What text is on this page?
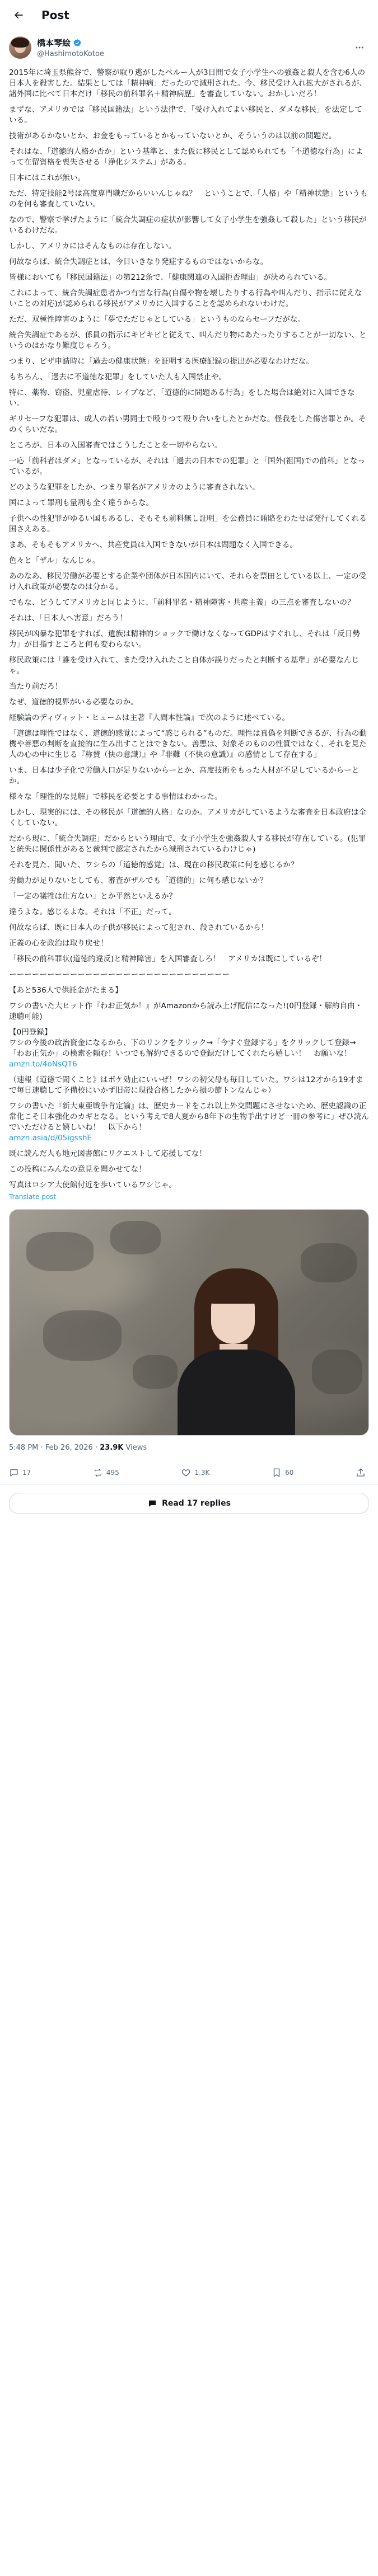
Post
橋本琴絵
@HashimotoKotoe

2015年に埼玉県熊谷で、警察が取り逃がしたペルー人が3日間で女子小学生への強姦と殺人を含む6人の日本人を殺害した。結果としては「精神病」だったので減刑された。今、移民受け入れ拡大がされるが、諸外国に比べて日本だけ「移民の前科罪名＋精神病歴」を審査していない。おかしいだろ！

まずな、アメリカでは「移民国籍法」という法律で、「受け入れてよい移民と、ダメな移民」を法定している。

技術があるかないとか、お金をもっているとかもっていないとか、そういうのは以前の問題だ。

それはな、「道徳的人格か否か」という基準と、また仮に移民として認められても「不道徳な行為」によって在留資格を喪失させる「浄化システム」がある。

日本にはこれが無い。

ただ、特定技能2号は高度専門職だからいいんじゃね？　ということで、「人格」や「精神状態」というものを何も審査していない。

なので、警察で挙げたように「統合失調症の症状が影響して女子小学生を強姦して殺した」という移民がいるわけだな。

しかし、アメリカにはそんなものは存在しない。

何故ならば、統合失調症とは、今日いきなり発症するものではないからな。

皆様においても「移民国籍法」の第212条で、「健康関連の入国拒否理由」が決められている。

これによって、統合失調症患者かつ有害な行為(自傷や物を壊したりする行為や叫んだり、指示に従えないことの対応)が認められる移民がアメリカに入国することを認められないわけだ。

ただ、双極性障害のように「夢でただじゃとしている」というものならセーフだがな。

統合失調症であるが、係員の指示にキビキビと従えて、叫んだり物にあたったりすることが一切ない、というのはかなり難度じゃろう。

つまり、ビザ申請時に「過去の健康状態」を証明する医療記録の提出が必要なわけだな。

もちろん、「過去に不道徳な犯罪」をしていた人も入国禁止や。

特に、薬物、窃盗、児童虐待、レイプなど、「道徳的に問題ある行為」をした場合は絶対に入国できない。

ギリセーフな犯罪は、成人の若い男同士で殴りつて殴り合いをしたとかだな。怪我をした傷害罪とか。そのくらいだな。

ところが、日本の入国審査ではこうしたことを一切やらない。

一応「前科者はダメ」となっているが、それは「過去の日本での犯罪」と「国外(祖国)での前科」となっているが。

どのような犯罪をしたか、つまり罪名がアメリカのように審査されない。

国によって罪刑も量刑も全く違うからな。

子供への性犯罪がゆるい国もあるし、そもそも前科無し証明」を公務員に賄賂をわたせば発行してくれる国さえある。

まあ、そもそもアメリカへ、共産党員は入国できないが日本は問題なく入国できる。

色々と「ザル」なんじゃ。

あのなあ、移民労働が必要とする企業や団体が日本国内にいて、それらを票田としている以上、一定の受け入れ政策が必要なのは分かる。

でもな、どうしてアメリカと同じように、「前科罪名・精神障害・共産主義」の三点を審査しないの？

それは、「日本人へ害意」だろう！

移民が凶暴な犯罪をすれば、遺族は精神的ショックで働けなくなってGDPはすぐれし、それは「反日勢力」が目指すところと何も変わらない。

移民政策には「誰を受け入れて、また受け入れたこと自体が誤りだったと判断する基準」が必要なんじゃ。

当たり前だろ！

なぜ、道徳的視界がいる必要なのか。

経験論のディヴィット・ヒュームは主著『人間本性論』で次のように述べている。

「道徳は理性ではなく、道徳的感覚によって“感じられる”ものだ。理性は真偽を判断できるが、行為の動機や善悪の判断を直接的に生み出すことはできない。善悪は、対象そのものの性質ではなく、それを見た人の心の中に生じる『称賛（快の意識）』や『非難（不快の意識）』の感情として存在する」

いま、日本は少子化で労働人口が足りないからーとか、高度技術をもった人材が不足しているからーとか。

様々な「理性的な見解」で移民を必要とする事情はわかった。

しかし、現実的には、その移民が「道徳的人格」なのか。アメリカがしているような審査を日本政府は全くしていない。

だから現に、「統合失調症」だからという理由で、女子小学生を強姦殺人する移民が存在している。(犯罪と統失に関係性があると裁判で認定されたから減刑されているわけじゃ)

それを見た、聞いた、ワシらの「道徳的感覚」は、現在の移民政策に何を感じるか？

労働力が足りないとしても、審査がザルでも「道徳的」に何も感じないか？

「一定の犠牲は仕方ない」とか平然といえるか？

違うよな。感じるよな。それは「不正」だって。

何故ならば、既に日本人の子供が移民によって犯され、殺されているから！

正義の心を政治は取り戻せ！

「移民の前科罪状(道徳的違反)と精神障害」を入国審査しろ！　アメリカは既にしているぞ！

ーーーーーーーーーーーーーーーーーーーーーーーーーーーーー

【あと536人で供託金がたまる】

ワシの書いた大ヒット作『わお正気か！』がAmazonから読み上げ配信になった!(0円登録・解約自由・速聴可能)

【0円登録】

ワシの今後の政治資金になるから、下のリンクをクリック→「今すぐ登録する」をクリックして登録→「わお正気か」の検索を頼む！いつでも解約できるので登録だけしてくれたら嬉しい！　お願いな！

amzn.to/4oNsQT6

（速報《道徳で聞くこと》はポケ効止にいいぜ！ワシの初父母も毎日していた。ワシは12才から19才まで毎日速聴して予備校にいかず旧帝に現役合格したから損の節トンなんじゃ）

ワシの書いた『新大東亜戦争肯定論』は、歴史カードをこれ以上外交問題にさせないため、歴史認識の正常化こそ日本強化のカギとなる。という考えで8人夏から8年下の生物手出すけど一冊の参考に」ぜひ読んでいただけると嬉しいね！　以下から！

amzn.asia/d/05igsshE

既に読んだ人も地元図書館にリクエストして応援してな！

この投稿にみんなの意見を聞かせてな！

写真はロシア大使館付近を歩いているワシじゃ。

Translate post
5:48 PM · Feb 26, 2026 · 23.9K Views
17	495	1.3K	60
Read 17 replies
